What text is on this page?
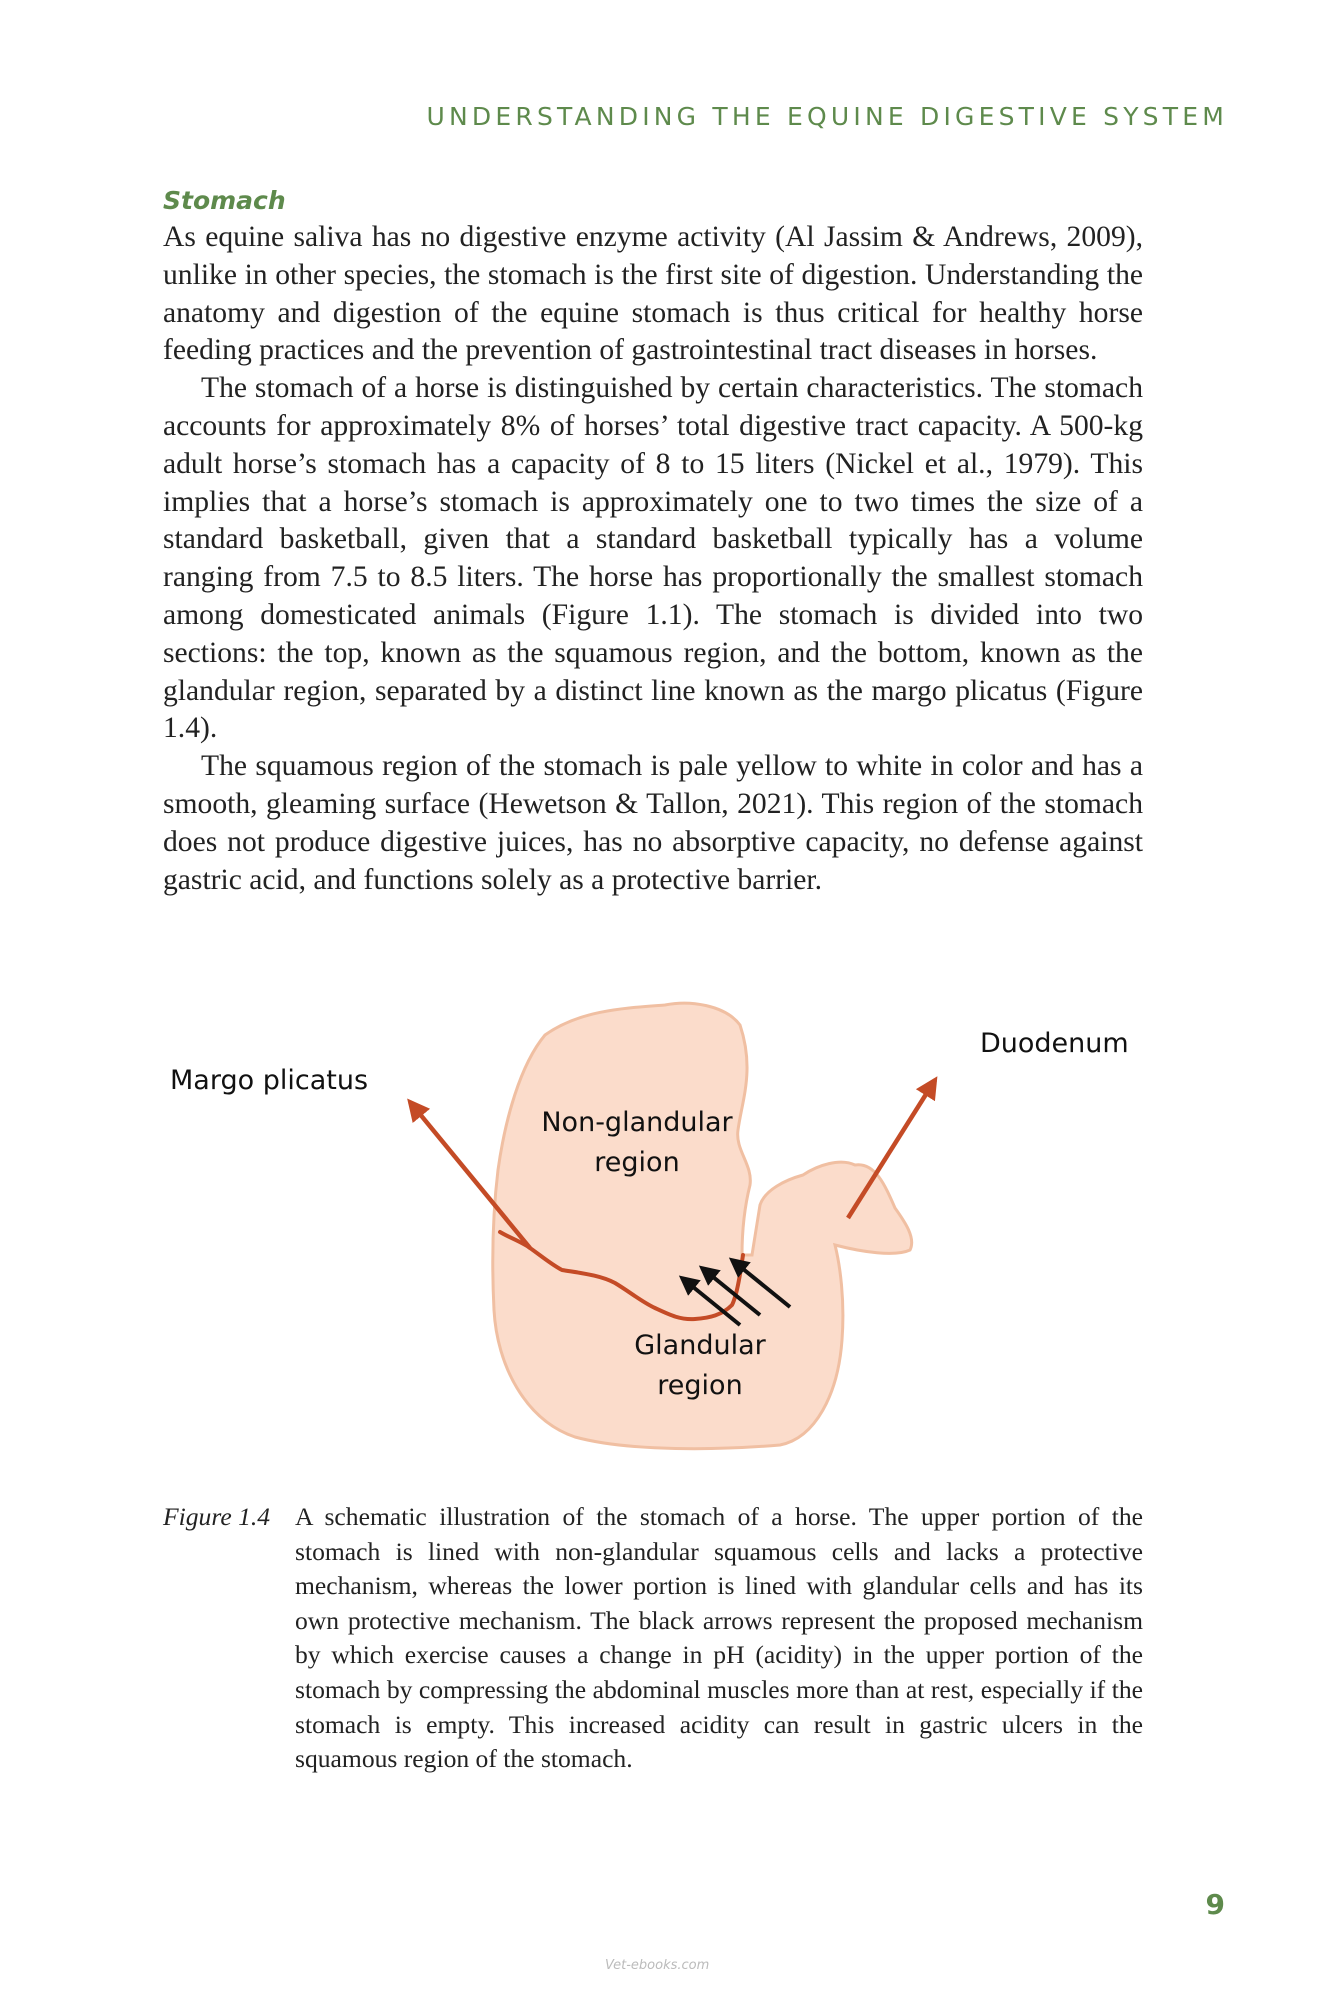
UNDERSTANDING THE EQUINE DIGESTIVE SYSTEM
Stomach

As equine saliva has no digestive enzyme activity (Al Jassim & Andrews, 2009), unlike in other species, the stomach is the first site of digestion. Understanding the anatomy and digestion of the equine stomach is thus critical for healthy horse feeding practices and the prevention of gastrointestinal tract diseases in horses.

The stomach of a horse is distinguished by certain characteristics. The stomach accounts for approximately 8% of horses’ total digestive tract capacity. A 500-kg adult horse’s stomach has a capacity of 8 to 15 liters (Nickel et al., 1979). This implies that a horse’s stomach is approximately one to two times the size of a standard basketball, given that a standard basketball typically has a volume ranging from 7.5 to 8.5 liters. The horse has proportionally the smallest stomach among domesticated animals (Figure 1.1). The stomach is divided into two sections: the top, known as the squamous region, and the bottom, known as the glandular region, separated by a distinct line known as the margo plicatus (Figure 1.4).

The squamous region of the stomach is pale yellow to white in color and has a smooth, gleaming surface (Hewetson & Tallon, 2021). This region of the stomach does not produce digestive juices, has no absorptive capacity, no defense against gastric acid, and functions solely as a protective barrier.

Margo plicatus
Duodenum
Non-glandular
region
Glandular
region
Figure 1.4 A schematic illustration of the stomach of a horse. The upper portion of the stomach is lined with non-glandular squamous cells and lacks a protective mechanism, whereas the lower portion is lined with glandular cells and has its own protective mechanism. The black arrows represent the proposed mechanism by which exercise causes a change in pH (acidity) in the upper portion of the stomach by compressing the abdominal muscles more than at rest, especially if the stomach is empty. This increased acidity can result in gastric ulcers in the squamous region of the stomach.
9
Vet-ebooks.com
